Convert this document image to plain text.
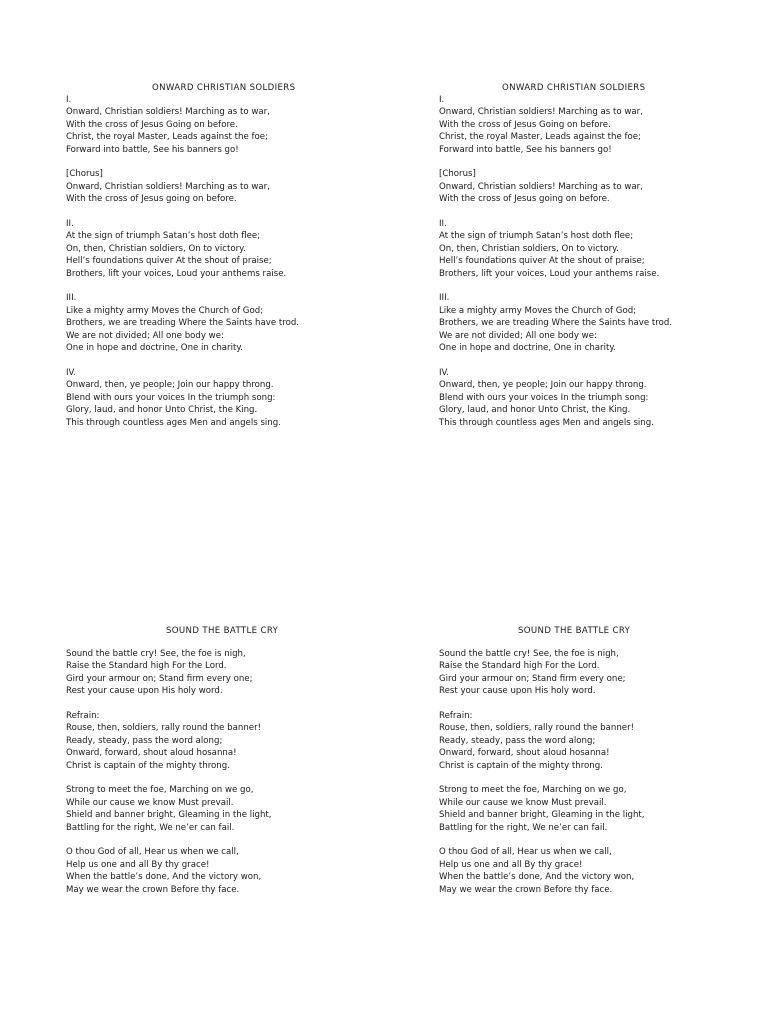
ONWARD CHRISTIAN SOLDIERS
I.
Onward, Christian soldiers! Marching as to war,
With the cross of Jesus Going on before.
Christ, the royal Master, Leads against the foe;
Forward into battle, See his banners go!
[Chorus]
Onward, Christian soldiers! Marching as to war,
With the cross of Jesus going on before.
II.
At the sign of triumph Satan’s host doth flee;
On, then, Christian soldiers, On to victory.
Hell’s foundations quiver At the shout of praise;
Brothers, lift your voices, Loud your anthems raise.
III.
Like a mighty army Moves the Church of God;
Brothers, we are treading Where the Saints have trod.
We are not divided; All one body we:
One in hope and doctrine, One in charity.
IV.
Onward, then, ye people; Join our happy throng.
Blend with ours your voices In the triumph song:
Glory, laud, and honor Unto Christ, the King.
This through countless ages Men and angels sing.
ONWARD CHRISTIAN SOLDIERS
I.
Onward, Christian soldiers! Marching as to war,
With the cross of Jesus Going on before.
Christ, the royal Master, Leads against the foe;
Forward into battle, See his banners go!
[Chorus]
Onward, Christian soldiers! Marching as to war,
With the cross of Jesus going on before.
II.
At the sign of triumph Satan’s host doth flee;
On, then, Christian soldiers, On to victory.
Hell’s foundations quiver At the shout of praise;
Brothers, lift your voices, Loud your anthems raise.
III.
Like a mighty army Moves the Church of God;
Brothers, we are treading Where the Saints have trod.
We are not divided; All one body we:
One in hope and doctrine, One in charity.
IV.
Onward, then, ye people; Join our happy throng.
Blend with ours your voices In the triumph song:
Glory, laud, and honor Unto Christ, the King.
This through countless ages Men and angels sing.
SOUND THE BATTLE CRY
Sound the battle cry! See, the foe is nigh,
Raise the Standard high For the Lord.
Gird your armour on; Stand firm every one;
Rest your cause upon His holy word.
Refrain:
Rouse, then, soldiers, rally round the banner!
Ready, steady, pass the word along;
Onward, forward, shout aloud hosanna!
Christ is captain of the mighty throng.
Strong to meet the foe, Marching on we go,
While our cause we know Must prevail.
Shield and banner bright, Gleaming in the light,
Battling for the right, We ne’er can fail.
O thou God of all, Hear us when we call,
Help us one and all By thy grace!
When the battle’s done, And the victory won,
May we wear the crown Before thy face.
SOUND THE BATTLE CRY
Sound the battle cry! See, the foe is nigh,
Raise the Standard high For the Lord.
Gird your armour on; Stand firm every one;
Rest your cause upon His holy word.
Refrain:
Rouse, then, soldiers, rally round the banner!
Ready, steady, pass the word along;
Onward, forward, shout aloud hosanna!
Christ is captain of the mighty throng.
Strong to meet the foe, Marching on we go,
While our cause we know Must prevail.
Shield and banner bright, Gleaming in the light,
Battling for the right, We ne’er can fail.
O thou God of all, Hear us when we call,
Help us one and all By thy grace!
When the battle’s done, And the victory won,
May we wear the crown Before thy face.
